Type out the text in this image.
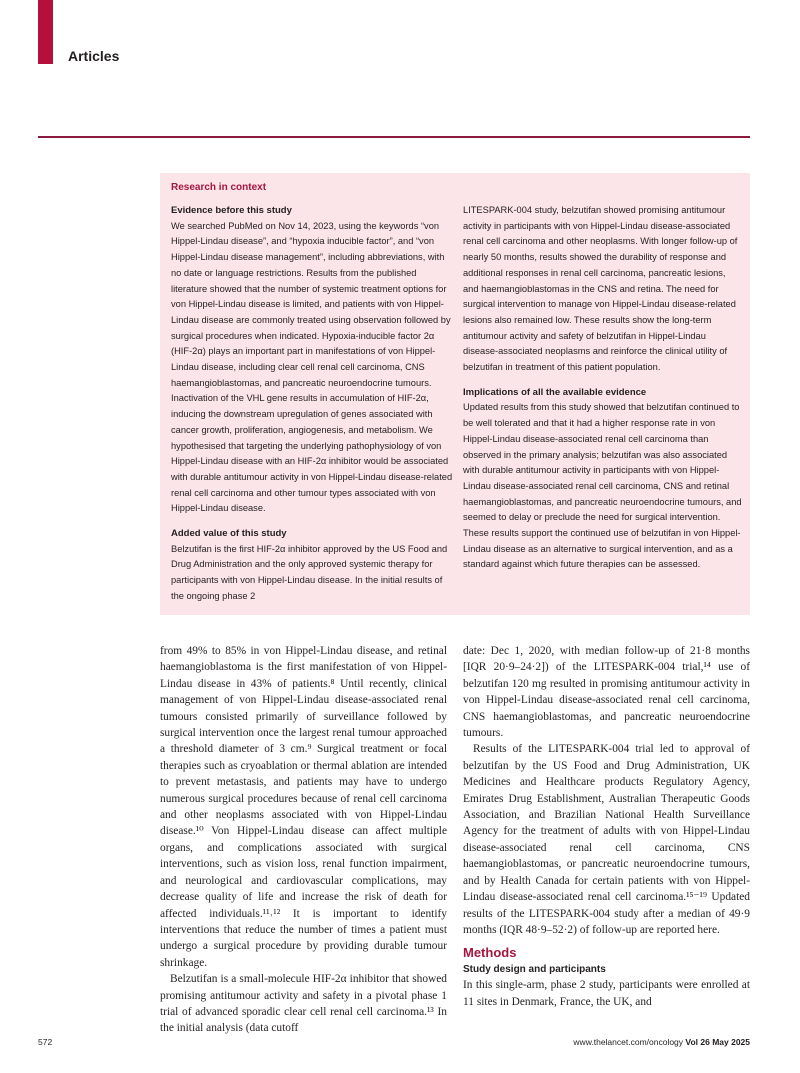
Articles
Research in context
Evidence before this study

We searched PubMed on Nov 14, 2023, using the keywords “von Hippel-Lindau disease”, and “hypoxia inducible factor”, and “von Hippel-Lindau disease management”, including abbreviations, with no date or language restrictions. Results from the published literature showed that the number of systemic treatment options for von Hippel-Lindau disease is limited, and patients with von Hippel-Lindau disease are commonly treated using observation followed by surgical procedures when indicated. Hypoxia-inducible factor 2α (HIF-2α) plays an important part in manifestations of von Hippel-Lindau disease, including clear cell renal cell carcinoma, CNS haemangioblastomas, and pancreatic neuroendocrine tumours. Inactivation of the VHL gene results in accumulation of HIF-2α, inducing the downstream upregulation of genes associated with cancer growth, proliferation, angiogenesis, and metabolism. We hypothesised that targeting the underlying pathophysiology of von Hippel-Lindau disease with an HIF-2α inhibitor would be associated with durable antitumour activity in von Hippel-Lindau disease-related renal cell carcinoma and other tumour types associated with von Hippel-Lindau disease.

Added value of this study

Belzutifan is the first HIF-2α inhibitor approved by the US Food and Drug Administration and the only approved systemic therapy for participants with von Hippel-Lindau disease. In the initial results of the ongoing phase 2

LITESPARK-004 study, belzutifan showed promising antitumour activity in participants with von Hippel-Lindau disease-associated renal cell carcinoma and other neoplasms. With longer follow-up of nearly 50 months, results showed the durability of response and additional responses in renal cell carcinoma, pancreatic lesions, and haemangioblastomas in the CNS and retina. The need for surgical intervention to manage von Hippel-Lindau disease-related lesions also remained low. These results show the long-term antitumour activity and safety of belzutifan in Hippel-Lindau disease-associated neoplasms and reinforce the clinical utility of belzutifan in treatment of this patient population.

Implications of all the available evidence

Updated results from this study showed that belzutifan continued to be well tolerated and that it had a higher response rate in von Hippel-Lindau disease-associated renal cell carcinoma than observed in the primary analysis; belzutifan was also associated with durable antitumour activity in participants with von Hippel-Lindau disease-associated renal cell carcinoma, CNS and retinal haemangioblastomas, and pancreatic neuroendocrine tumours, and seemed to delay or preclude the need for surgical intervention. These results support the continued use of belzutifan in von Hippel-Lindau disease as an alternative to surgical intervention, and as a standard against which future therapies can be assessed.

from 49% to 85% in von Hippel-Lindau disease, and retinal haemangioblastoma is the first manifestation of von Hippel-Lindau disease in 43% of patients.⁸ Until recently, clinical management of von Hippel-Lindau disease-associated renal tumours consisted primarily of surveillance followed by surgical intervention once the largest renal tumour approached a threshold diameter of 3 cm.⁹ Surgical treatment or focal therapies such as cryoablation or thermal ablation are intended to prevent metastasis, and patients may have to undergo numerous surgical procedures because of renal cell carcinoma and other neoplasms associated with von Hippel-Lindau disease.¹⁰ Von Hippel-Lindau disease can affect multiple organs, and complications associated with surgical interventions, such as vision loss, renal function impairment, and neurological and cardiovascular complications, may decrease quality of life and increase the risk of death for affected individuals.¹¹˒¹² It is important to identify interventions that reduce the number of times a patient must undergo a surgical procedure by providing durable tumour shrinkage.

Belzutifan is a small-molecule HIF-2α inhibitor that showed promising antitumour activity and safety in a pivotal phase 1 trial of advanced sporadic clear cell renal cell carcinoma.¹³ In the initial analysis (data cutoff

date: Dec 1, 2020, with median follow-up of 21·8 months [IQR 20·9–24·2]) of the LITESPARK-004 trial,¹⁴ use of belzutifan 120 mg resulted in promising antitumour activity in von Hippel-Lindau disease-associated renal cell carcinoma, CNS haemangioblastomas, and pancreatic neuroendocrine tumours.

Results of the LITESPARK-004 trial led to approval of belzutifan by the US Food and Drug Administration, UK Medicines and Healthcare products Regulatory Agency, Emirates Drug Establishment, Australian Therapeutic Goods Association, and Brazilian National Health Surveillance Agency for the treatment of adults with von Hippel-Lindau disease-associated renal cell carcinoma, CNS haemangioblastomas, or pancreatic neuroendocrine tumours, and by Health Canada for certain patients with von Hippel-Lindau disease-associated renal cell carcinoma.¹⁵⁻¹⁹ Updated results of the LITESPARK-004 study after a median of 49·9 months (IQR 48·9–52·2) of follow-up are reported here.

Methods
Study design and participants

In this single-arm, phase 2 study, participants were enrolled at 11 sites in Denmark, France, the UK, and

572	www.thelancet.com/oncology Vol 26 May 2025
